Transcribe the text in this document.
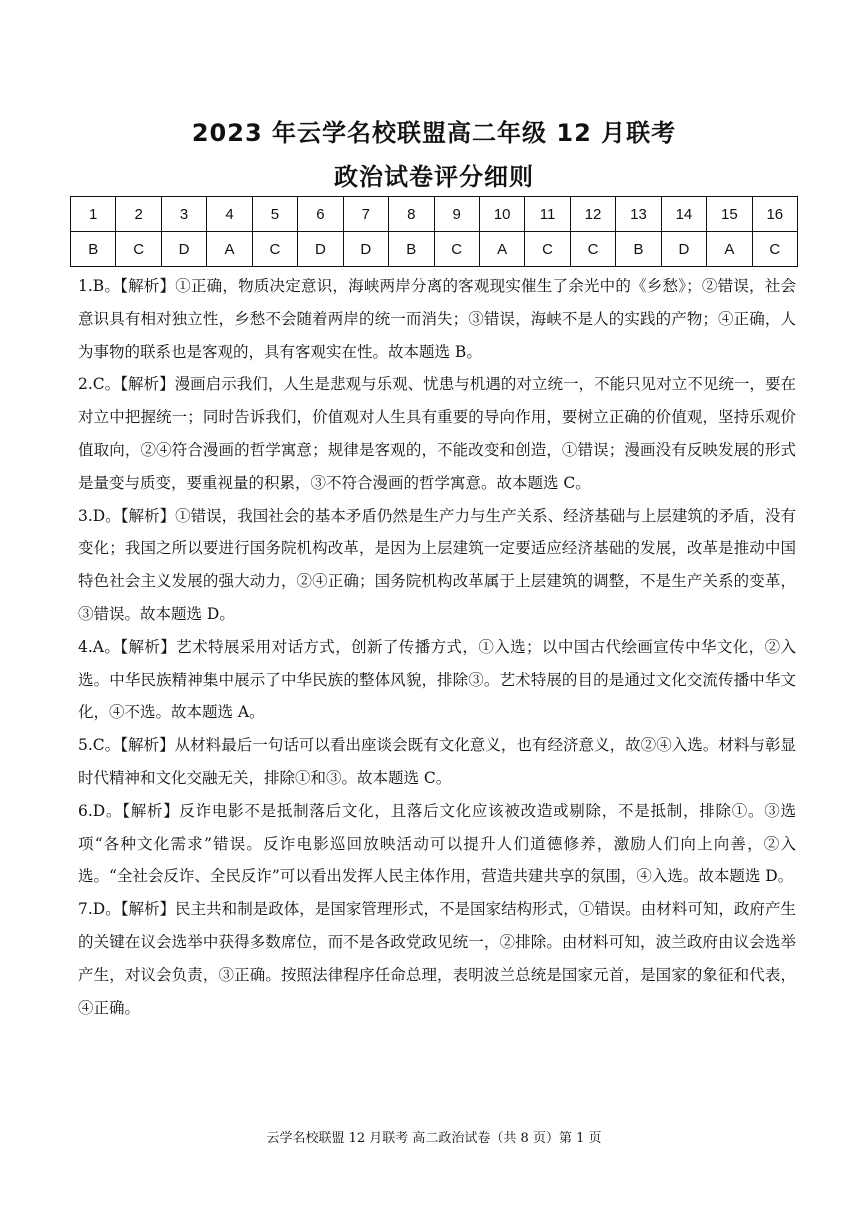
2023 年云学名校联盟高二年级 12 月联考
政治试卷评分细则
1	2	3	4	5	6	7	8	9	10	11	12	13	14	15	16
B	C	D	A	C	D	D	B	C	A	C	C	B	D	A	C

1.B。【解析】①正确，物质决定意识，海峡两岸分离的客观现实催生了余光中的《乡愁》；②错误，社会意识具有相对独立性，乡愁不会随着两岸的统一而消失；③错误，海峡不是人的实践的产物；④正确，人为事物的联系也是客观的，具有客观实在性。故本题选 B。

2.C。【解析】漫画启示我们，人生是悲观与乐观、忧患与机遇的对立统一，不能只见对立不见统一，要在对立中把握统一；同时告诉我们，价值观对人生具有重要的导向作用，要树立正确的价值观，坚持乐观价值取向，②④符合漫画的哲学寓意；规律是客观的，不能改变和创造，①错误；漫画没有反映发展的形式是量变与质变，要重视量的积累，③不符合漫画的哲学寓意。故本题选 C。

3.D。【解析】①错误，我国社会的基本矛盾仍然是生产力与生产关系、经济基础与上层建筑的矛盾，没有变化；我国之所以要进行国务院机构改革，是因为上层建筑一定要适应经济基础的发展，改革是推动中国特色社会主义发展的强大动力，②④正确；国务院机构改革属于上层建筑的调整，不是生产关系的变革，③错误。故本题选 D。

4.A。【解析】艺术特展采用对话方式，创新了传播方式，①入选；以中国古代绘画宣传中华文化，②入选。中华民族精神集中展示了中华民族的整体风貌，排除③。艺术特展的目的是通过文化交流传播中华文化，④不选。故本题选 A。

5.C。【解析】从材料最后一句话可以看出座谈会既有文化意义，也有经济意义，故②④入选。材料与彰显时代精神和文化交融无关，排除①和③。故本题选 C。

6.D。【解析】反诈电影不是抵制落后文化，且落后文化应该被改造或剔除，不是抵制，排除①。③选项“各种文化需求”错误。反诈电影巡回放映活动可以提升人们道德修养，激励人们向上向善，②入选。“全社会反诈、全民反诈”可以看出发挥人民主体作用，营造共建共享的氛围，④入选。故本题选 D。

7.D。【解析】民主共和制是政体，是国家管理形式，不是国家结构形式，①错误。由材料可知，政府产生的关键在议会选举中获得多数席位，而不是各政党政见统一，②排除。由材料可知，波兰政府由议会选举产生，对议会负责，③正确。按照法律程序任命总理，表明波兰总统是国家元首，是国家的象征和代表，④正确。

云学名校联盟 12 月联考 高二政治试卷（共 8 页）第 1 页
